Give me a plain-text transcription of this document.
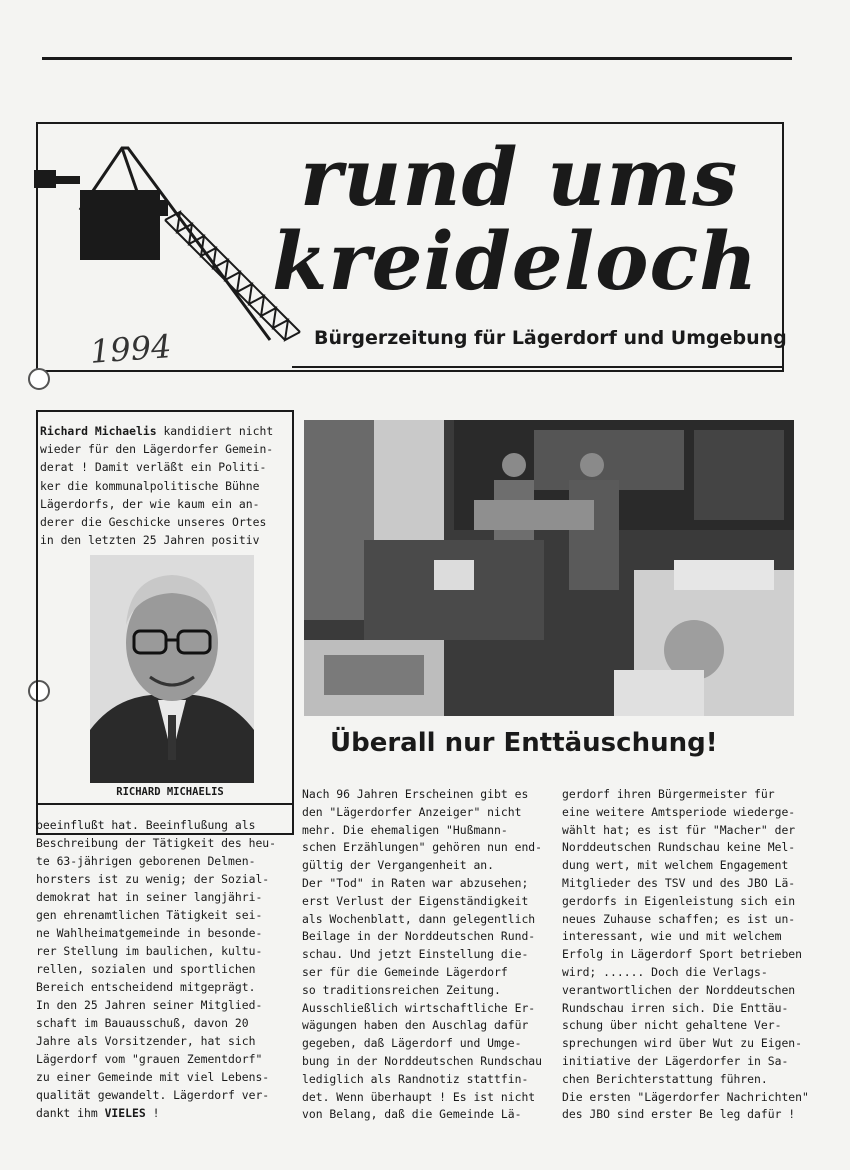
rund ums
kreideloch
Bürgerzeitung für Lägerdorf und Umgebung
1994
Richard Michaelis kandidiert nicht
wieder für den Lägerdorfer Gemein-
derat ! Damit verläßt ein Politi-
ker die kommunalpolitische Bühne
Lägerdorfs, der wie kaum ein an-
derer die Geschicke unseres Ortes
in den letzten 25 Jahren positiv
RICHARD MICHAELIS
beeinflußt hat. Beeinflußung als
Beschreibung der Tätigkeit des heu-
te 63-jährigen geborenen Delmen-
horsters ist zu wenig; der Sozial-
demokrat hat in seiner langjähri-
gen ehrenamtlichen Tätigkeit sei-
ne Wahlheimatgemeinde in besonde-
rer Stellung im baulichen, kultu-
rellen, sozialen und sportlichen
Bereich entscheidend mitgeprägt.
In den 25 Jahren seiner Mitglied-
schaft im Bauausschuß, davon 20
Jahre als Vorsitzender, hat sich
Lägerdorf vom "grauen Zementdorf"
zu einer Gemeinde mit viel Lebens-
qualität gewandelt. Lägerdorf ver-
dankt ihm VIELES !
Überall nur Enttäuschung!
Nach 96 Jahren Erscheinen gibt es
den "Lägerdorfer Anzeiger" nicht
mehr. Die ehemaligen "Hußmann-
schen Erzählungen" gehören nun end-
gültig der Vergangenheit an.
Der "Tod" in Raten war abzusehen;
erst Verlust der Eigenständigkeit
als Wochenblatt, dann gelegentlich
Beilage in der Norddeutschen Rund-
schau. Und jetzt Einstellung die-
ser für die Gemeinde Lägerdorf
so traditionsreichen Zeitung.
Ausschließlich wirtschaftliche Er-
wägungen haben den Auschlag dafür
gegeben, daß Lägerdorf und Umge-
bung in der Norddeutschen Rundschau
lediglich als Randnotiz stattfin-
det. Wenn überhaupt ! Es ist nicht
von Belang, daß die Gemeinde Lä-
gerdorf ihren Bürgermeister für
eine weitere Amtsperiode wiederge-
wählt hat; es ist für "Macher" der
Norddeutschen Rundschau keine Mel-
dung wert, mit welchem Engagement
Mitglieder des TSV und des JBO Lä-
gerdorfs in Eigenleistung sich ein
neues Zuhause schaffen; es ist un-
interessant, wie und mit welchem
Erfolg in Lägerdorf Sport betrieben
wird; ...... Doch die Verlags-
verantwortlichen der Norddeutschen
Rundschau irren sich. Die Enttäu-
schung über nicht gehaltene Ver-
sprechungen wird über Wut zu Eigen-
initiative der Lägerdorfer in Sa-
chen Berichterstattung führen.
Die ersten "Lägerdorfer Nachrichten"
des JBO sind erster Be leg dafür !
